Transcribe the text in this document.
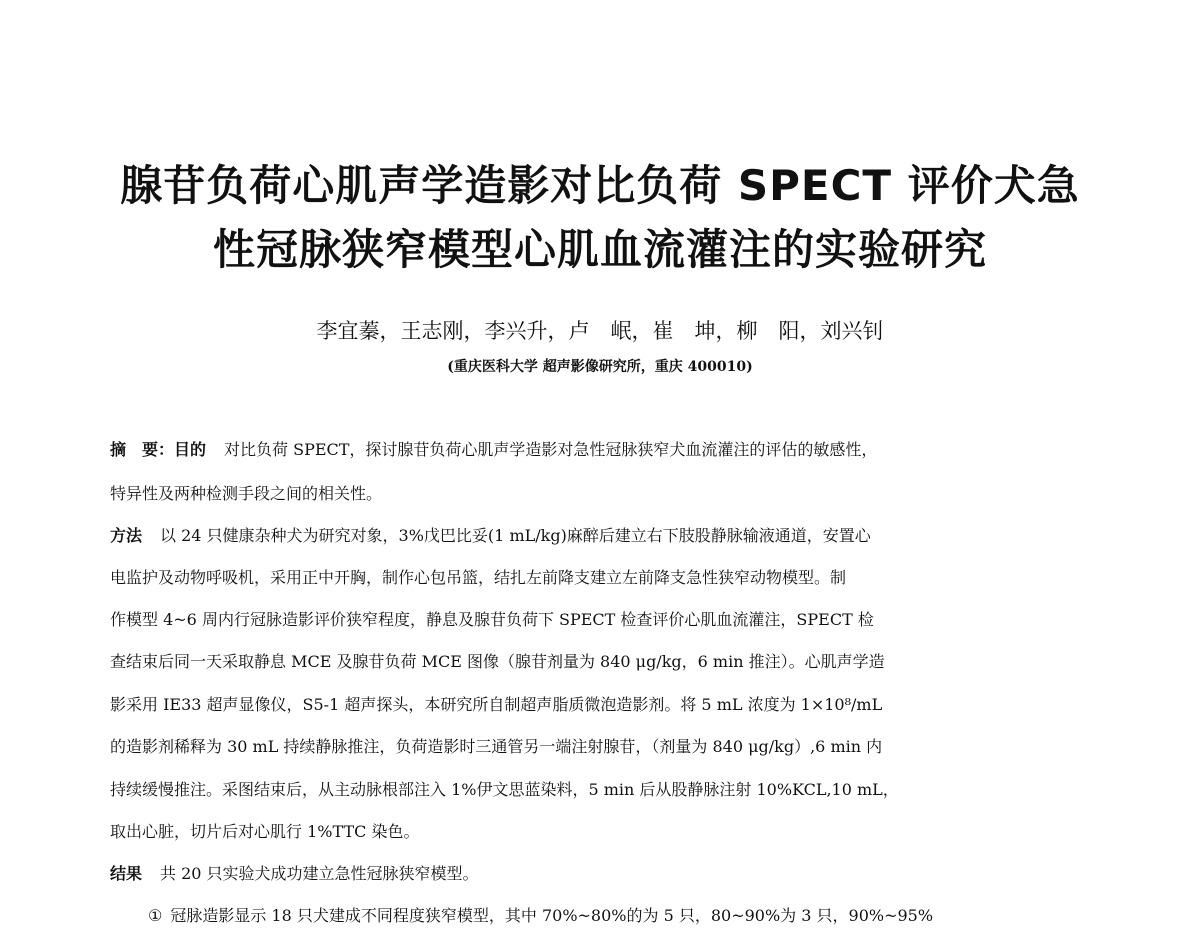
腺苷负荷心肌声学造影对比负荷 SPECT 评价犬急
性冠脉狭窄模型心肌血流灌注的实验研究
李宜蓁，王志刚，李兴升，卢　岷，崔　坤，柳　阳，刘兴钊
(重庆医科大学 超声影像研究所，重庆 400010)
摘　要：目的 对比负荷 SPECT，探讨腺苷负荷心肌声学造影对急性冠脉狭窄犬血流灌注的评估的敏感性，
特异性及两种检测手段之间的相关性。
方法 以 24 只健康杂种犬为研究对象，3%戊巴比妥(1 mL/kg)麻醉后建立右下肢股静脉输液通道，安置心
电监护及动物呼吸机，采用正中开胸，制作心包吊篮，结扎左前降支建立左前降支急性狭窄动物模型。制
作模型 4~6 周内行冠脉造影评价狭窄程度，静息及腺苷负荷下 SPECT 检查评价心肌血流灌注，SPECT 检
查结束后同一天采取静息 MCE 及腺苷负荷 MCE 图像（腺苷剂量为 840 μg/kg，6 min 推注）。心肌声学造
影采用 IE33 超声显像仪，S5-1 超声探头，本研究所自制超声脂质微泡造影剂。将 5 mL 浓度为 1×10⁸/mL
的造影剂稀释为 30 mL 持续静脉推注，负荷造影时三通管另一端注射腺苷，（剂量为 840 μg/kg）,6 min 内
持续缓慢推注。采图结束后，从主动脉根部注入 1%伊文思蓝染料，5 min 后从股静脉注射 10%KCL,10 mL，
取出心脏，切片后对心肌行 1%TTC 染色。
结果 共 20 只实验犬成功建立急性冠脉狭窄模型。
① 冠脉造影显示 18 只犬建成不同程度狭窄模型，其中 70%~80%的为 5 只，80~90%为 3 只，90%~95%
